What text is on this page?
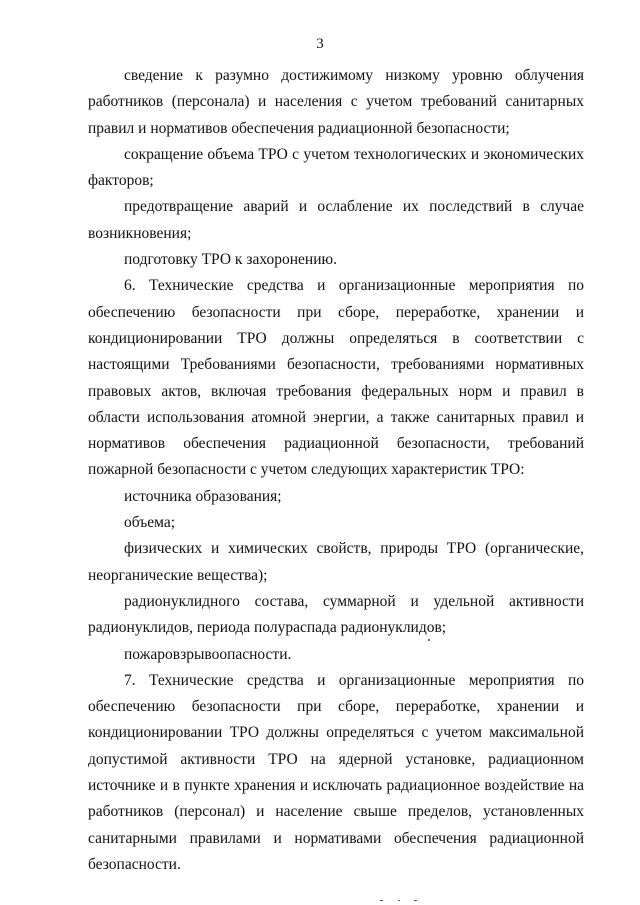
3

сведение к разумно достижимому низкому уровню облучения работников (персонала) и населения с учетом требований санитарных правил и нормативов обеспечения радиационной безопасности;

сокращение объема ТРО с учетом технологических и экономических факторов;

предотвращение аварий и ослабление их последствий в случае возникновения;

подготовку ТРО к захоронению.

6. Технические средства и организационные мероприятия по обеспечению безопасности при сборе, переработке, хранении и кондиционировании ТРО должны определяться в соответствии с настоящими Требованиями безопасности, требованиями нормативных правовых актов, включая требования федеральных норм и правил в области использования атомной энергии, а также санитарных правил и нормативов обеспечения радиационной безопасности, требований пожарной безопасности с учетом следующих характеристик ТРО:

источника образования;

объема;

физических и химических свойств, природы ТРО (органические, неорганические вещества);

радионуклидного состава, суммарной и удельной активности радионуклидов, периода полураспада радионуклидов;

пожаровзрывоопасности.

7. Технические средства и организационные мероприятия по обеспечению безопасности при сборе, переработке, хранении и кондиционировании ТРО должны определяться с учетом максимальной допустимой активности ТРО на ядерной установке, радиационном источнике и в пункте хранения и исключать радиационное воздействие на работников (персонал) и население свыше пределов, установленных санитарными правилами и нормативами обеспечения радиационной безопасности.
